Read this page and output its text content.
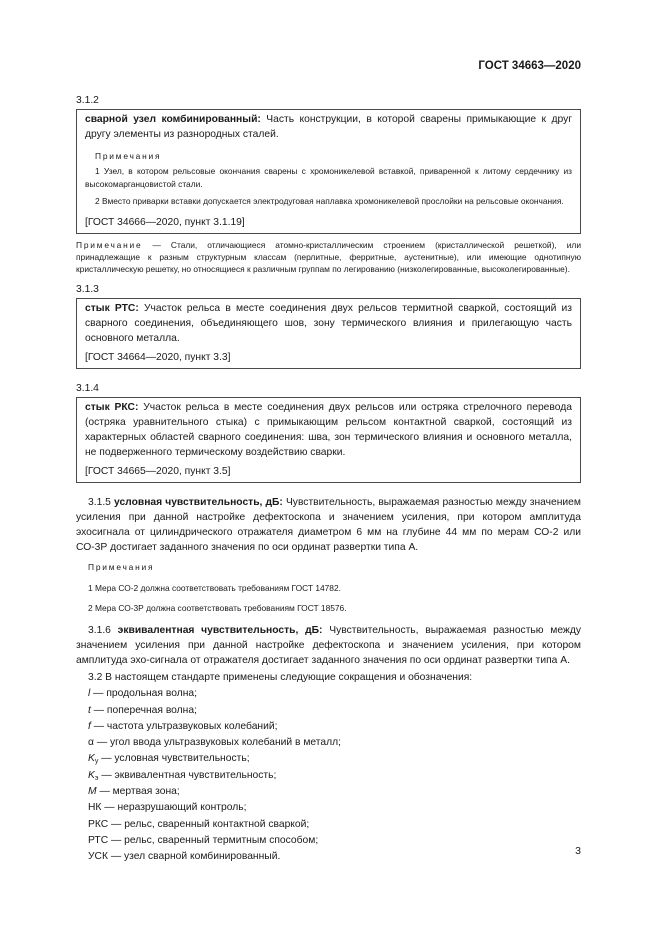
ГОСТ 34663—2020

3.1.2

сварной узел комбинированный: Часть конструкции, в которой сварены примыкающие к друг другу элементы из разнородных сталей.

Примечания

1 Узел, в котором рельсовые окончания сварены с хромоникелевой вставкой, приваренной к литому сердечнику из высокомарганцовистой стали.

2 Вместо приварки вставки допускается электродуговая наплавка хромоникелевой прослойки на рельсовые окончания.

[ГОСТ 34666—2020, пункт 3.1.19]

Примечание — Стали, отличающиеся атомно-кристаллическим строением (кристаллической решеткой), или принадлежащие к разным структурным классам (перлитные, ферритные, аустенитные), или имеющие однотипную кристаллическую решетку, но относящиеся к различным группам по легированию (низколегированные, высоколегированные).

3.1.3

стык РТС: Участок рельса в месте соединения двух рельсов термитной сваркой, состоящий из сварного соединения, объединяющего шов, зону термического влияния и прилегающую часть основного металла.

[ГОСТ 34664—2020, пункт 3.3]

3.1.4

стык РКС: Участок рельса в месте соединения двух рельсов или остряка стрелочного перевода (остряка уравнительного стыка) с примыкающим рельсом контактной сваркой, состоящий из характерных областей сварного соединения: шва, зон термического влияния и основного металла, не подверженного термическому воздействию сварки.

[ГОСТ 34665—2020, пункт 3.5]

3.1.5 условная чувствительность, дБ: Чувствительность, выражаемая разностью между значением усиления при данной настройке дефектоскопа и значением усиления, при котором амплитуда эхосигнала от цилиндрического отражателя диаметром 6 мм на глубине 44 мм по мерам СО-2 или СО-3Р достигает заданного значения по оси ординат развертки типа А.

Примечания

1 Мера СО-2 должна соответствовать требованиям ГОСТ 14782.

2 Мера СО-3Р должна соответствовать требованиям ГОСТ 18576.

3.1.6 эквивалентная чувствительность, дБ: Чувствительность, выражаемая разностью между значением усиления при данной настройке дефектоскопа и значением усиления, при котором амплитуда эхо-сигнала от отражателя достигает заданного значения по оси ординат развертки типа А.

3.2 В настоящем стандарте применены следующие сокращения и обозначения:

l — продольная волна;

t — поперечная волна;

f — частота ультразвуковых колебаний;

α — угол ввода ультразвуковых колебаний в металл;

$K_у$ — условная чувствительность;

$K_э$ — эквивалентная чувствительность;

M — мертвая зона;

НК — неразрушающий контроль;

РКС — рельс, сваренный контактной сваркой;

РТС — рельс, сваренный термитным способом;

УСК — узел сварной комбинированный.	3
